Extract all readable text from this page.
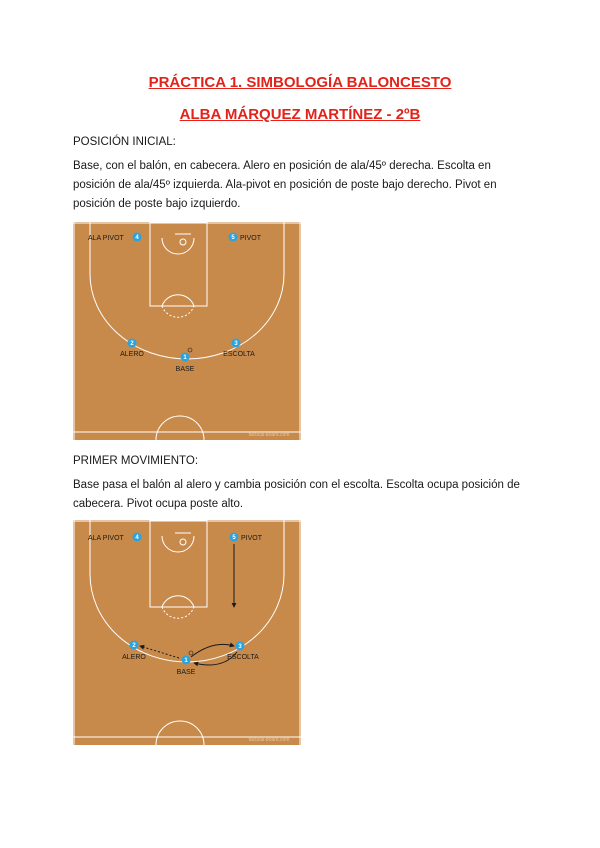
PRÁCTICA 1. SIMBOLOGÍA BALONCESTO
ALBA MÁRQUEZ MARTÍNEZ - 2ºB
POSICIÓN INICIAL:
Base, con el balón, en cabecera. Alero en posición de ala/45º derecha. Escolta en posición de ala/45º izquierda. Ala-pivot en posición de poste bajo derecho. Pivot en posición de poste bajo izquierdo.
ALA PIVOT 4	5 PIVOT
2
ALERO
3
ESCOLTA
1
BASE
tactical-board.com
PRIMER MOVIMIENTO:
Base pasa el balón al alero y cambia posición con el escolta. Escolta ocupa posición de cabecera. Pivot ocupa poste alto.
ALA PIVOT 4	5 PIVOT
2
ALERO
3
ESCOLTA
1
BASE
tactical-board.com
